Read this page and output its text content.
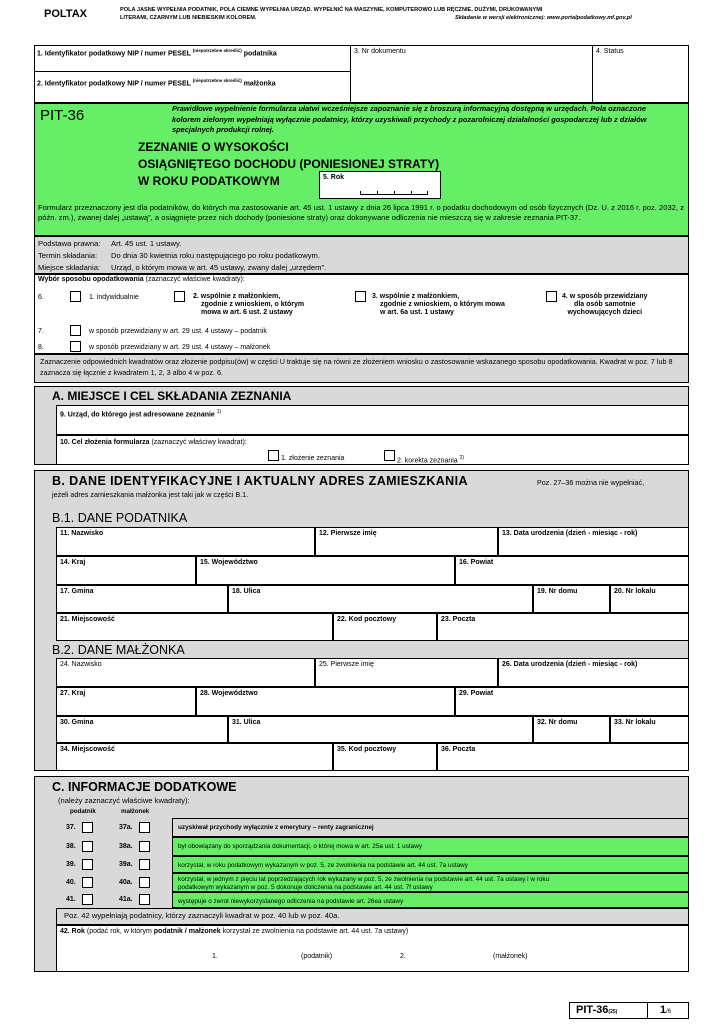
POLTAX	POLA JASNE WYPEŁNIA PODATNIK, POLA CIEMNE WYPEŁNIA URZĄD. WYPEŁNIĆ NA MASZYNIE, KOMPUTEROWO LUB RĘCZNIE, DUŻYMI, DRUKOWANYMI
LITERAMI, CZARNYM LUB NIEBIESKIM KOLOREM.	Składanie w wersji elektronicznej: www.portalpodatkowy.mf.gov.pl
1. Identyfikator podatkowy NIP / numer PESEL $^{(niepotrzebne skreślić)}$ podatnika
2. Identyfikator podatkowy NIP / numer PESEL $^{(niepotrzebne skreślić)}$ małżonka
3. Nr dokumentu	4. Status
PIT-36	Prawidłowe wypełnienie formularza ułatwi wcześniejsze zapoznanie się z broszurą informacyjną dostępną w urzędach. Pola oznaczone kolorem zielonym wypełniają wyłącznie podatnicy, którzy uzyskiwali przychody z pozarolniczej działalności gospodarczej lub z działów specjalnych produkcji rolnej.
ZEZNANIE O WYSOKOŚCI
OSIĄGNIĘTEGO DOCHODU (PONIESIONEJ STRATY)
W ROKU PODATKOWYM	5. Rok
Formularz przeznaczony jest dla podatników, do których ma zastosowanie art. 45 ust. 1 ustawy z dnia 26 lipca 1991 r. o podatku dochodowym od osób fizycznych (Dz. U. z 2016 r. poz. 2032, z późn. zm.), zwanej dalej „ustawą”, a osiągnięte przez nich dochody (poniesione straty) oraz dokonywane odliczenia nie mieszczą się w zakresie zeznania PIT-37.
Podstawa prawna: Art. 45 ust. 1 ustawy.
Termin składania: Do dnia 30 kwietnia roku następującego po roku podatkowym.
Miejsce składania: Urząd, o którym mowa w art. 45 ustawy, zwany dalej „urzędem”.
Wybór sposobu opodatkowania (zaznaczyć właściwe kwadraty):
6.	1. indywidualnie	2. wspólnie z małżonkiem,
zgodnie z wnioskiem, o którym
mowa w art. 6 ust. 2 ustawy
3. wspólnie z małżonkiem,
zgodnie z wnioskiem, o którym mowa
w art. 6a ust. 1 ustawy
4. w sposób przewidziany
dla osób samotnie
wychowujących dzieci
7.	w sposób przewidziany w art. 29 ust. 4 ustawy – podatnik
8.	w sposób przewidziany w art. 29 ust. 4 ustawy – małżonek
Zaznaczenie odpowiednich kwadratów oraz złożenie podpisu(ów) w części U traktuje się na równi ze złożeniem wniosku o zastosowanie wskazanego sposobu opodatkowania. Kwadrat w poz. 7 lub 8 zaznacza się łącznie z kwadratem 1, 2, 3 albo 4 w poz. 6.
A. MIEJSCE I CEL SKŁADANIA ZEZNANIA
9. Urząd, do którego jest adresowane zeznanie $^{1)}$
10. Cel złożenia formularza (zaznaczyć właściwy kwadrat):
1. złożenie zeznania	2. korekta zeznania $^{2)}$
B. DANE IDENTYFIKACYJNE I AKTUALNY ADRES ZAMIESZKANIA	Poz. 27–36 można nie wypełniać,
jeżeli adres zamieszkania małżonka jest taki jak w części B.1.
B.1. DANE PODATNIKA
11. Nazwisko	12. Pierwsze imię	13. Data urodzenia (dzień - miesiąc - rok)
14. Kraj	15. Województwo	16. Powiat
17. Gmina	18. Ulica	19. Nr domu	20. Nr lokalu
21. Miejscowość	22. Kod pocztowy	23. Poczta
B.2. DANE MAŁŻONKA
24. Nazwisko	25. Pierwsze imię	26. Data urodzenia (dzień - miesiąc - rok)
27. Kraj	28. Województwo	29. Powiat
30. Gmina	31. Ulica	32. Nr domu	33. Nr lokalu
34. Miejscowość	35. Kod pocztowy	36. Poczta
C. INFORMACJE DODATKOWE
(należy zaznaczyć właściwe kwadraty):
podatnik	małżonek
37.	37a.	uzyskiwał przychody wyłącznie z emerytury – renty zagranicznej
38.	38a.	był obowiązany do sporządzania dokumentacji, o której mowa w art. 25a ust. 1 ustawy
39.	39a.	korzystał, w roku podatkowym wykazanym w poz. 5, ze zwolnienia na podstawie art. 44 ust. 7a ustawy
40.	40a.	korzystał, w jednym z pięciu lat poprzedzających rok wykazany w poz. 5, ze zwolnienia na podstawie art. 44 ust. 7a ustawy i w roku
podatkowym wykazanym w poz. 5 dokonuje doliczenia na podstawie art. 44 ust. 7f ustawy
41.	41a.	występuje o zwrot niewykorzystanego odliczenia na podstawie art. 26ea ustawy
Poz. 42 wypełniają podatnicy, którzy zaznaczyli kwadrat w poz. 40 lub w poz. 40a.
42. Rok (podać rok, w którym podatnik / małżonek korzystał ze zwolnienia na podstawie art. 44 ust. 7a ustawy)
1.	(podatnik)	2.	(małżonek)
PIT-36(25)	1/6
